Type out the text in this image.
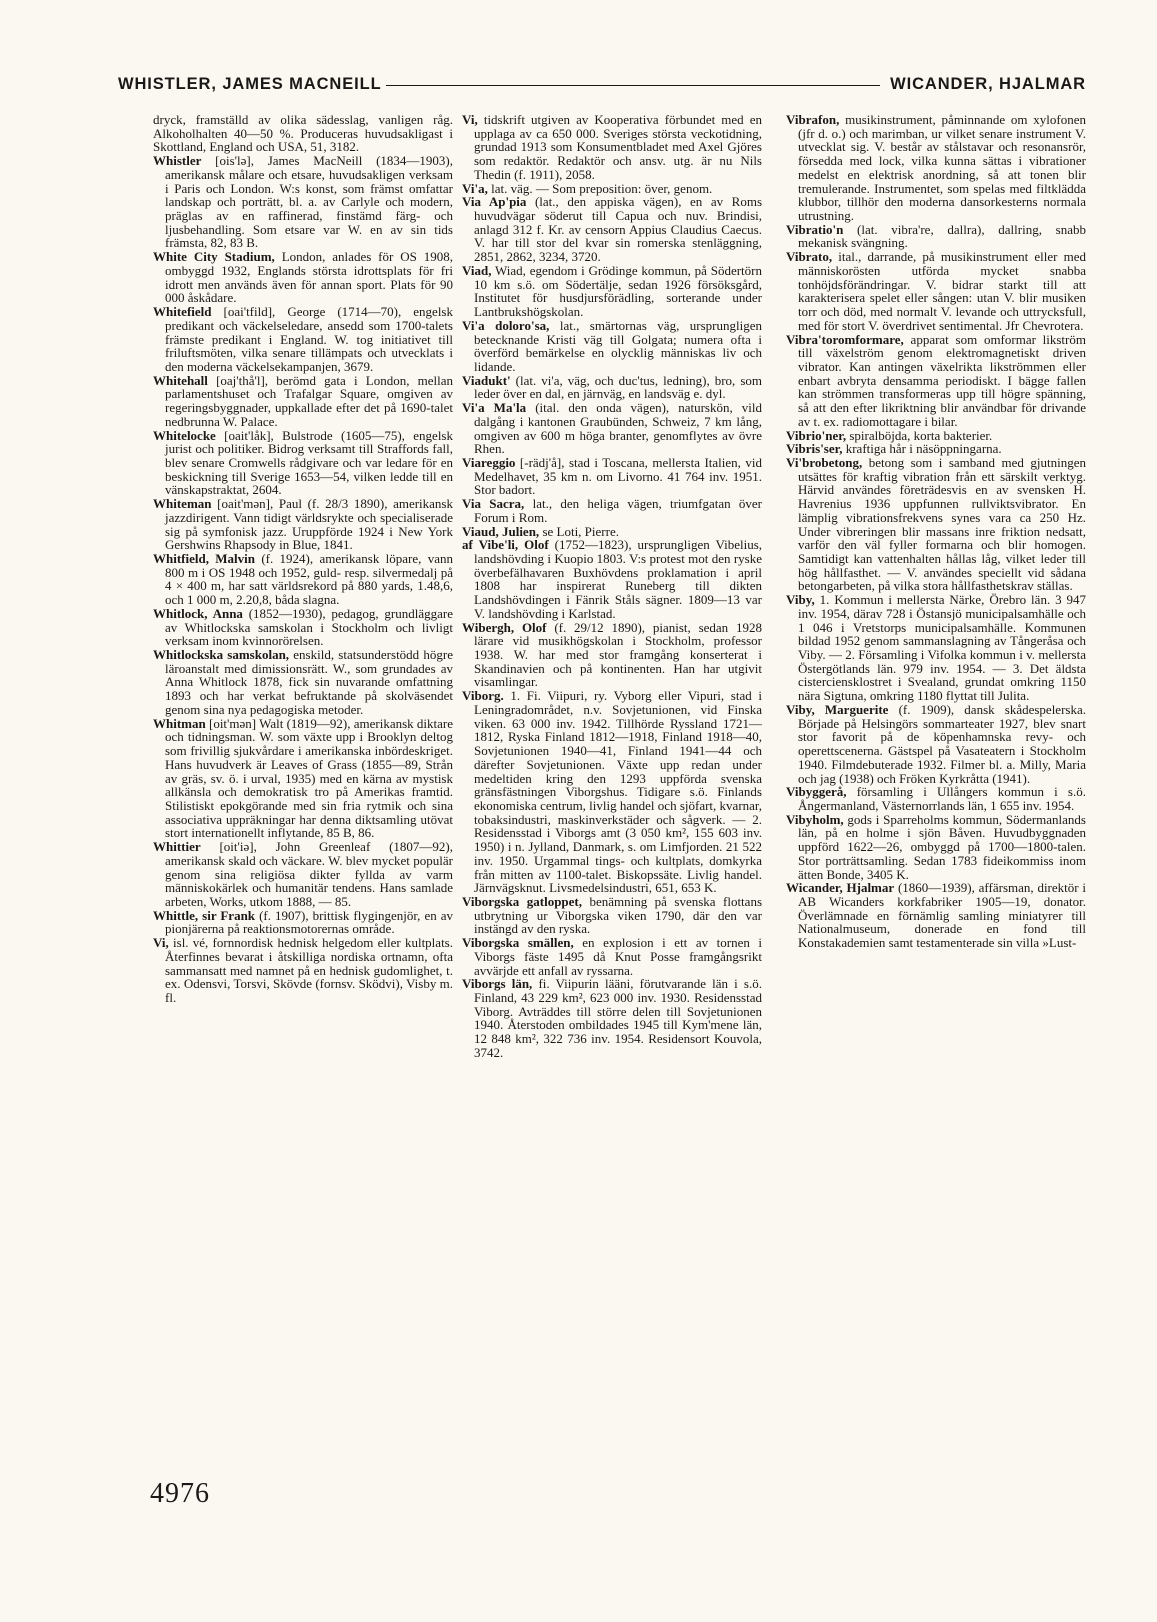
WHISTLER, JAMES MACNEILL	WICANDER, HJALMAR

dryck, framställd av olika sädesslag, vanligen råg. Alkoholhalten 40—50 %. Produceras huvudsakligast i Skottland, England och USA, 51, 3182.

Whistler [ois'lə], James MacNeill (1834—1903), amerikansk målare och etsare, huvudsakligen verksam i Paris och London. W:s konst, som främst omfattar landskap och porträtt, bl. a. av Carlyle och modern, präglas av en raffinerad, finstämd färg- och ljusbehandling. Som etsare var W. en av sin tids främsta, 82, 83 B.

White City Stadium, London, anlades för OS 1908, ombyggd 1932, Englands största idrottsplats för fri idrott men används även för annan sport. Plats för 90 000 åskådare.

Whitefield [oai'tfild], George (1714—70), engelsk predikant och väckelseledare, ansedd som 1700-talets främste predikant i England. W. tog initiativet till friluftsmöten, vilka senare tillämpats och utvecklats i den moderna väckelsekampanjen, 3679.

Whitehall [oaj'thå'l], berömd gata i London, mellan parlamentshuset och Trafalgar Square, omgiven av regeringsbyggnader, uppkallade efter det på 1690-talet nedbrunna W. Palace.

Whitelocke [oait'låk], Bulstrode (1605—75), engelsk jurist och politiker. Bidrog verksamt till Straffords fall, blev senare Cromwells rådgivare och var ledare för en beskickning till Sverige 1653—54, vilken ledde till en vänskapstraktat, 2604.

Whiteman [oait'mən], Paul (f. 28/3 1890), amerikansk jazzdirigent. Vann tidigt världsrykte och specialiserade sig på symfonisk jazz. Uruppförde 1924 i New York Gershwins Rhapsody in Blue, 1841.

Whitfield, Malvin (f. 1924), amerikansk löpare, vann 800 m i OS 1948 och 1952, guld- resp. silvermedalj på 4 × 400 m, har satt världsrekord på 880 yards, 1.48,6, och 1 000 m, 2.20,8, båda slagna.

Whitlock, Anna (1852—1930), pedagog, grundläggare av Whitlockska samskolan i Stockholm och livligt verksam inom kvinnorörelsen.

Whitlockska samskolan, enskild, statsunderstödd högre läroanstalt med dimissionsrätt. W., som grundades av Anna Whitlock 1878, fick sin nuvarande omfattning 1893 och har verkat befruktande på skolväsendet genom sina nya pedagogiska metoder.

Whitman [oit'mən] Walt (1819—92), amerikansk diktare och tidningsman. W. som växte upp i Brooklyn deltog som frivillig sjukvårdare i amerikanska inbördeskriget. Hans huvudverk är Leaves of Grass (1855—89, Strån av gräs, sv. ö. i urval, 1935) med en kärna av mystisk allkänsla och demokratisk tro på Amerikas framtid. Stilistiskt epokgörande med sin fria rytmik och sina associativa uppräkningar har denna diktsamling utövat stort internationellt inflytande, 85 B, 86.

Whittier [oit'iə], John Greenleaf (1807—92), amerikansk skald och väckare. W. blev mycket populär genom sina religiösa dikter fyllda av varm människokärlek och humanitär tendens. Hans samlade arbeten, Works, utkom 1888, — 85.

Whittle, sir Frank (f. 1907), brittisk flygingenjör, en av pionjärerna på reaktionsmotorernas område.

Vi, isl. vé, fornnordisk hednisk helgedom eller kultplats. Återfinnes bevarat i åtskilliga nordiska ortnamn, ofta sammansatt med namnet på en hednisk gudomlighet, t. ex. Odensvi, Torsvi, Skövde (fornsv. Sködvi), Visby m. fl.

Vi, tidskrift utgiven av Kooperativa förbundet med en upplaga av ca 650 000. Sveriges största veckotidning, grundad 1913 som Konsumentbladet med Axel Gjöres som redaktör. Redaktör och ansv. utg. är nu Nils Thedin (f. 1911), 2058.

Vi'a, lat. väg. — Som preposition: över, genom.

Via Ap'pia (lat., den appiska vägen), en av Roms huvudvägar söderut till Capua och nuv. Brindisi, anlagd 312 f. Kr. av censorn Appius Claudius Caecus. V. har till stor del kvar sin romerska stenläggning, 2851, 2862, 3234, 3720.

Viad, Wiad, egendom i Grödinge kommun, på Södertörn 10 km s.ö. om Södertälje, sedan 1926 försöksgård, Institutet för husdjursförädling, sorterande under Lantbrukshögskolan.

Vi'a doloro'sa, lat., smärtornas väg, ursprungligen betecknande Kristi väg till Golgata; numera ofta i överförd bemärkelse en olycklig människas liv och lidande.

Viadukt' (lat. vi'a, väg, och duc'tus, ledning), bro, som leder över en dal, en järnväg, en landsväg e. dyl.

Vi'a Ma'la (ital. den onda vägen), naturskön, vild dalgång i kantonen Graubünden, Schweiz, 7 km lång, omgiven av 600 m höga branter, genomflytes av övre Rhen.

Viareggio [-rädj'å], stad i Toscana, mellersta Italien, vid Medelhavet, 35 km n. om Livorno. 41 764 inv. 1951. Stor badort.

Via Sacra, lat., den heliga vägen, triumfgatan över Forum i Rom.

Viaud, Julien, se Loti, Pierre.

af Vibe'li, Olof (1752—1823), ursprungligen Vibelius, landshövding i Kuopio 1803. V:s protest mot den ryske överbefälhavaren Buxhövdens proklamation i april 1808 har inspirerat Runeberg till dikten Landshövdingen i Fänrik Ståls sägner. 1809—13 var V. landshövding i Karlstad.

Wibergh, Olof (f. 29/12 1890), pianist, sedan 1928 lärare vid musikhögskolan i Stockholm, professor 1938. W. har med stor framgång konserterat i Skandinavien och på kontinenten. Han har utgivit visamlingar.

Viborg. 1. Fi. Viipuri, ry. Vyborg eller Vipuri, stad i Leningradområdet, n.v. Sovjetunionen, vid Finska viken. 63 000 inv. 1942. Tillhörde Ryssland 1721—1812, Ryska Finland 1812—1918, Finland 1918—40, Sovjetunionen 1940—41, Finland 1941—44 och därefter Sovjetunionen. Växte upp redan under medeltiden kring den 1293 uppförda svenska gränsfästningen Viborgshus. Tidigare s.ö. Finlands ekonomiska centrum, livlig handel och sjöfart, kvarnar, tobaksindustri, maskinverkstäder och sågverk. — 2. Residensstad i Viborgs amt (3 050 km², 155 603 inv. 1950) i n. Jylland, Danmark, s. om Limfjorden. 21 522 inv. 1950. Urgammal tings- och kultplats, domkyrka från mitten av 1100-talet. Biskopssäte. Livlig handel. Järnvägsknut. Livsmedelsindustri, 651, 653 K.

Viborgska gatloppet, benämning på svenska flottans utbrytning ur Viborgska viken 1790, där den var instängd av den ryska.

Viborgska smällen, en explosion i ett av tornen i Viborgs fäste 1495 då Knut Posse framgångsrikt avvärjde ett anfall av ryssarna.

Viborgs län, fi. Viipurin lääni, förutvarande län i s.ö. Finland, 43 229 km², 623 000 inv. 1930. Residensstad Viborg. Avträddes till större delen till Sovjetunionen 1940. Återstoden ombildades 1945 till Kym'mene län, 12 848 km², 322 736 inv. 1954. Residensort Kouvola, 3742.

Vibrafon, musikinstrument, påminnande om xylofonen (jfr d. o.) och marimban, ur vilket senare instrument V. utvecklat sig. V. består av stålstavar och resonansrör, försedda med lock, vilka kunna sättas i vibrationer medelst en elektrisk anordning, så att tonen blir tremulerande. Instrumentet, som spelas med filtklädda klubbor, tillhör den moderna dansorkesterns normala utrustning.

Vibratio'n (lat. vibra're, dallra), dallring, snabb mekanisk svängning.

Vibrato, ital., darrande, på musikinstrument eller med människorösten utförda mycket snabba tonhöjdsförändringar. V. bidrar starkt till att karakterisera spelet eller sången: utan V. blir musiken torr och död, med normalt V. levande och uttrycksfull, med för stort V. överdrivet sentimental. Jfr Chevrotera.

Vibra'toromformare, apparat som omformar likström till växelström genom elektromagnetiskt driven vibrator. Kan antingen växelrikta likströmmen eller enbart avbryta densamma periodiskt. I bägge fallen kan strömmen transformeras upp till högre spänning, så att den efter likriktning blir användbar för drivande av t. ex. radiomottagare i bilar.

Vibrio'ner, spiralböjda, korta bakterier.

Vibris'ser, kraftiga hår i näsöppningarna.

Vi'brobetong, betong som i samband med gjutningen utsättes för kraftig vibration från ett särskilt verktyg. Härvid användes företrädesvis en av svensken H. Havrenius 1936 uppfunnen rullviktsvibrator. En lämplig vibrationsfrekvens synes vara ca 250 Hz. Under vibreringen blir massans inre friktion nedsatt, varför den väl fyller formarna och blir homogen. Samtidigt kan vattenhalten hållas låg, vilket leder till hög hållfasthet. — V. användes speciellt vid sådana betongarbeten, på vilka stora hållfasthetskrav ställas.

Viby, 1. Kommun i mellersta Närke, Örebro län. 3 947 inv. 1954, därav 728 i Östansjö municipalsamhälle och 1 046 i Vretstorps municipalsamhälle. Kommunen bildad 1952 genom sammanslagning av Tångeråsa och Viby. — 2. Församling i Vifolka kommun i v. mellersta Östergötlands län. 979 inv. 1954. — 3. Det äldsta cisterciensklostret i Svealand, grundat omkring 1150 nära Sigtuna, omkring 1180 flyttat till Julita.

Viby, Marguerite (f. 1909), dansk skådespelerska. Började på Helsingörs sommarteater 1927, blev snart stor favorit på de köpenhamnska revy- och operettscenerna. Gästspel på Vasateatern i Stockholm 1940. Filmdebuterade 1932. Filmer bl. a. Milly, Maria och jag (1938) och Fröken Kyrkråtta (1941).

Vibyggerå, församling i Ullångers kommun i s.ö. Ångermanland, Västernorrlands län, 1 655 inv. 1954.

Vibyholm, gods i Sparreholms kommun, Södermanlands län, på en holme i sjön Båven. Huvudbyggnaden uppförd 1622—26, ombyggd på 1700—1800-talen. Stor porträttsamling. Sedan 1783 fideikommiss inom ätten Bonde, 3405 K.

Wicander, Hjalmar (1860—1939), affärsman, direktör i AB Wicanders korkfabriker 1905—19, donator. Överlämnade en förnämlig samling miniatyrer till Nationalmuseum, donerade en fond till Konstakademien samt testamenterade sin villa »Lust-

4976
